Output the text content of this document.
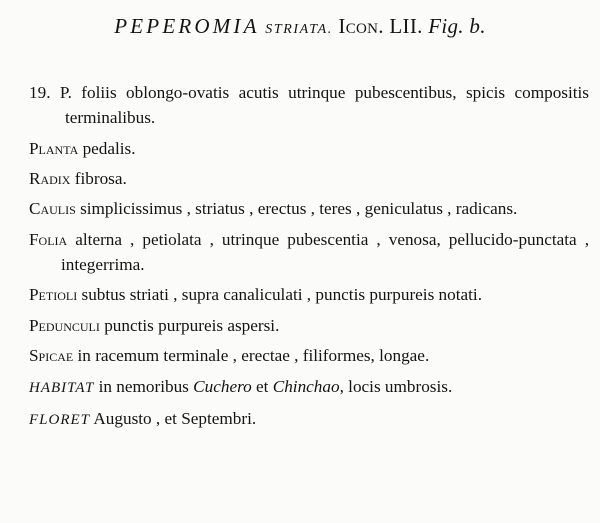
PEPEROMIA STRIATA. Icon. LII. Fig. b.

19. P. foliis oblongo-ovatis acutis utrinque pubescentibus, spicis compositis terminalibus.

Planta pedalis.

Radix fibrosa.

Caulis simplicissimus , striatus , erectus , teres , geniculatus , radicans.

Folia alterna , petiolata , utrinque pubescentia , venosa, pellucido-punctata , integerrima.

Petioli subtus striati , supra canaliculati , punctis purpureis notati.

Pedunculi punctis purpureis aspersi.

Spicae in racemum terminale , erectae , filiformes, longae.

HABITAT in nemoribus Cuchero et Chinchao, locis umbrosis.

FLORET Augusto , et Septembri.
